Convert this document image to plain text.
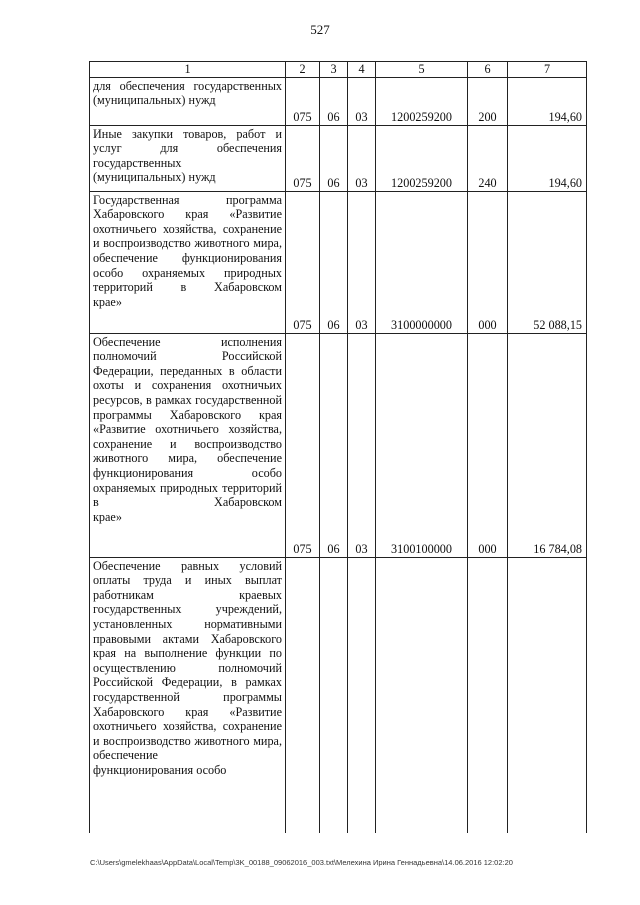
527
1	2	3	4	5	6	7
для обеспечения государственных
(муниципальных) нужд	075	06	03	1200259200	200	194,60
Иные закупки товаров, работ и услуг для обеспечения государственных
(муниципальных) нужд	075	06	03	1200259200	240	194,60
Государственная программа Хабаровского края «Развитие охотничьего хозяйства, сохранение и воспроизводство животного мира, обеспечение функционирования особо охраняемых природных территорий в Хабаровском
крае»	075	06	03	3100000000	000	52 088,15
Обеспечение исполнения полномочий Российской Федерации, переданных в области охоты и сохранения охотничьих ресурсов, в рамках государственной программы Хабаровского края «Развитие охотничьего хозяйства, сохранение и воспроизводство животного мира, обеспечение функционирования особо охраняемых природных территорий в Хабаровском
крае»	075	06	03	3100100000	000	16 784,08
Обеспечение равных условий оплаты труда и иных выплат работникам краевых государственных учреждений, установленных нормативными правовыми актами Хабаровского края на выполнение функции по осуществлению полномочий Российской Федерации, в рамках государственной программы Хабаровского края «Развитие охотничьего хозяйства, сохранение и воспроизводство животного мира, обеспечение
функционирования особо						

C:\Users\gmelekhaas\AppData\Local\Temp\3K_00188_09062016_003.txt\Мелехина Ирина Геннадьевна\14.06.2016 12:02:20
